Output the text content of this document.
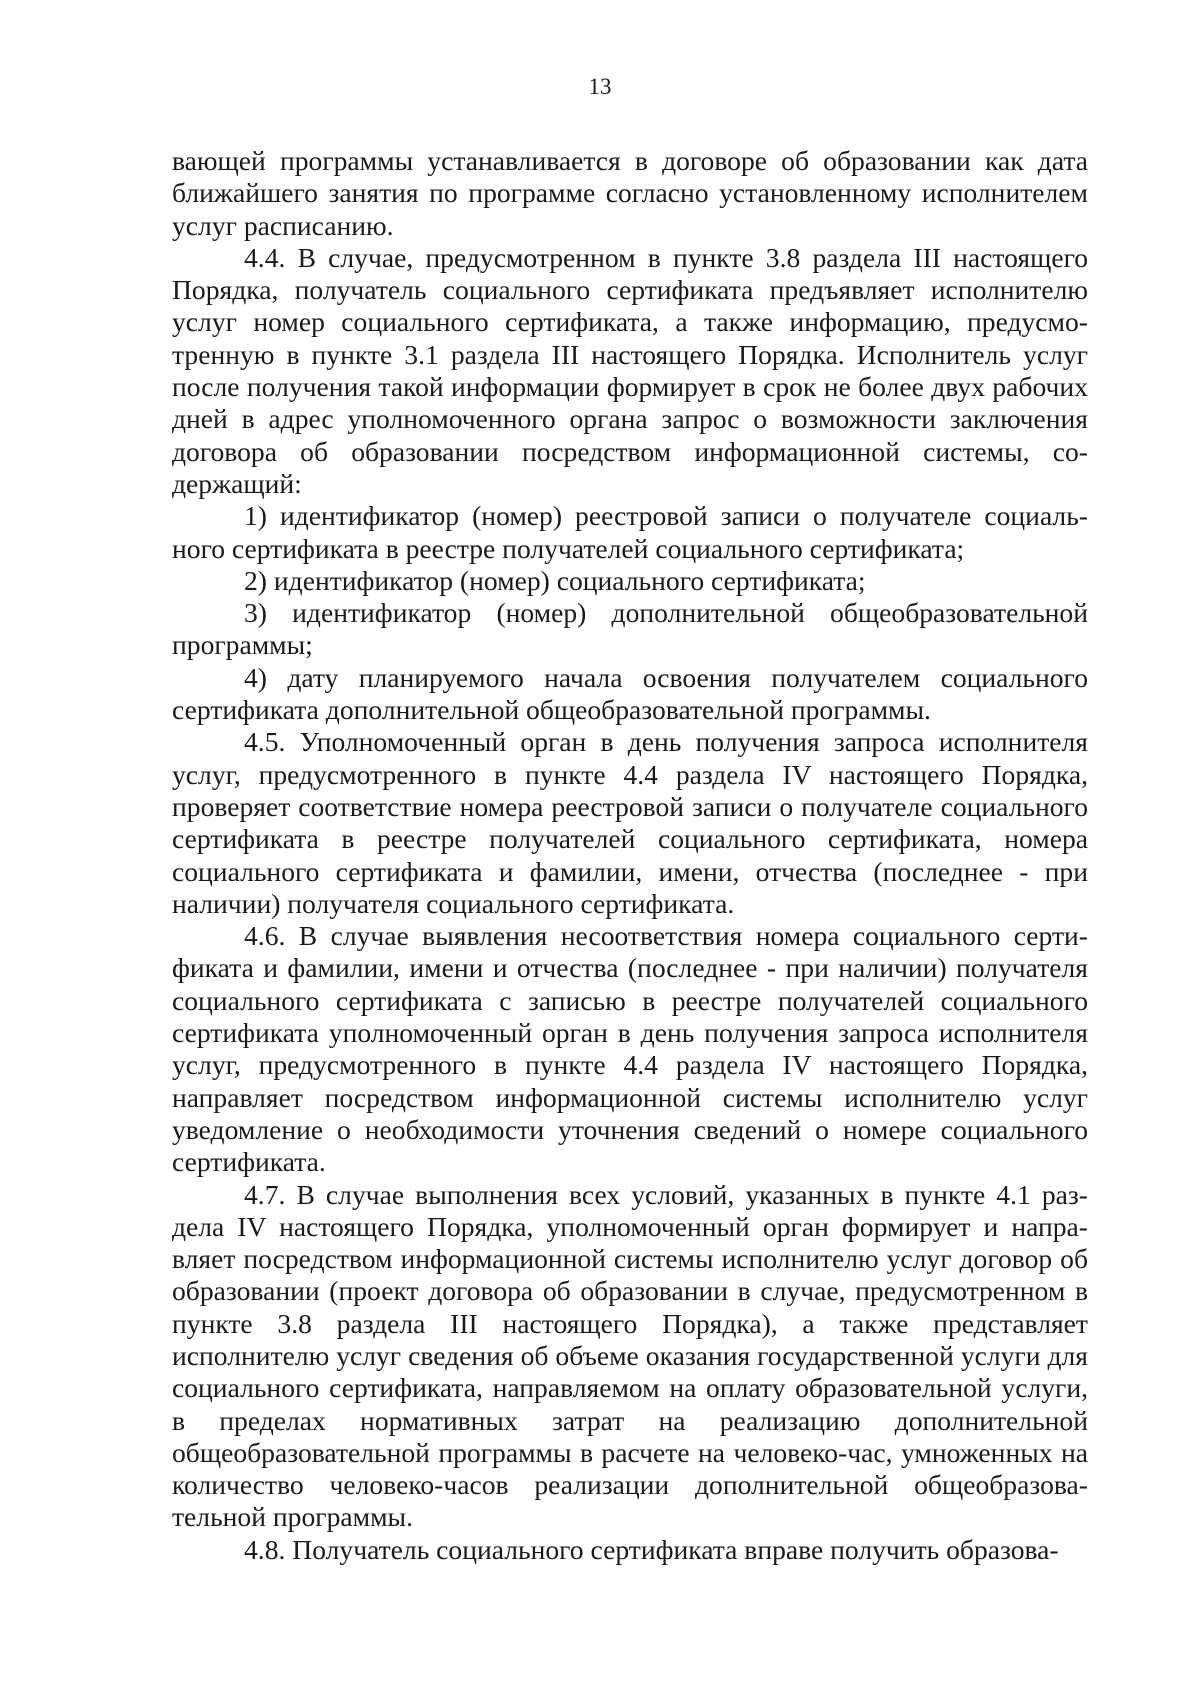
13

вающей программы устанавливается в договоре об образовании как дата ближайшего занятия по программе согласно установленному исполнителем услуг расписанию.

4.4. В случае, предусмотренном в пункте 3.8 раздела III настоящего Порядка, получатель социального сертификата предъявляет исполнителю услуг номер социального сертификата, а также информацию, предусмотренную в пункте 3.1 раздела III настоящего Порядка. Исполнитель услуг после получения такой информации формирует в срок не более двух рабочих дней в адрес уполномоченного органа запрос о возможности заключения договора об образовании посредством информационной системы, содержащий:

1) идентификатор (номер) реестровой записи о получателе социального сертификата в реестре получателей социального сертификата;

2) идентификатор (номер) социального сертификата;

3) идентификатор (номер) дополнительной общеобразовательной программы;

4) дату планируемого начала освоения получателем социального сертификата дополнительной общеобразовательной программы.

4.5. Уполномоченный орган в день получения запроса исполнителя услуг, предусмотренного в пункте 4.4 раздела IV настоящего Порядка, проверяет соответствие номера реестровой записи о получателе социального сертификата в реестре получателей социального сертификата, номера социального сертификата и фамилии, имени, отчества (последнее - при наличии) получателя социального сертификата.

4.6. В случае выявления несоответствия номера социального сертификата и фамилии, имени и отчества (последнее - при наличии) получателя социального сертификата с записью в реестре получателей социального сертификата уполномоченный орган в день получения запроса исполнителя услуг, предусмотренного в пункте 4.4 раздела IV настоящего Порядка, направляет посредством информационной системы исполнителю услуг уведомление о необходимости уточнения сведений о номере социального сертификата.

4.7. В случае выполнения всех условий, указанных в пункте 4.1 раздела IV настоящего Порядка, уполномоченный орган формирует и направляет посредством информационной системы исполнителю услуг договор об образовании (проект договора об образовании в случае, предусмотренном в пункте 3.8 раздела III настоящего Порядка), а также представляет исполнителю услуг сведения об объеме оказания государственной услуги для социального сертификата, направляемом на оплату образовательной услуги, в пределах нормативных затрат на реализацию дополнительной общеобразовательной программы в расчете на человеко-час, умноженных на количество человеко-часов реализации дополнительной общеобразовательной программы.

4.8. Получатель социального сертификата вправе получить образова-
